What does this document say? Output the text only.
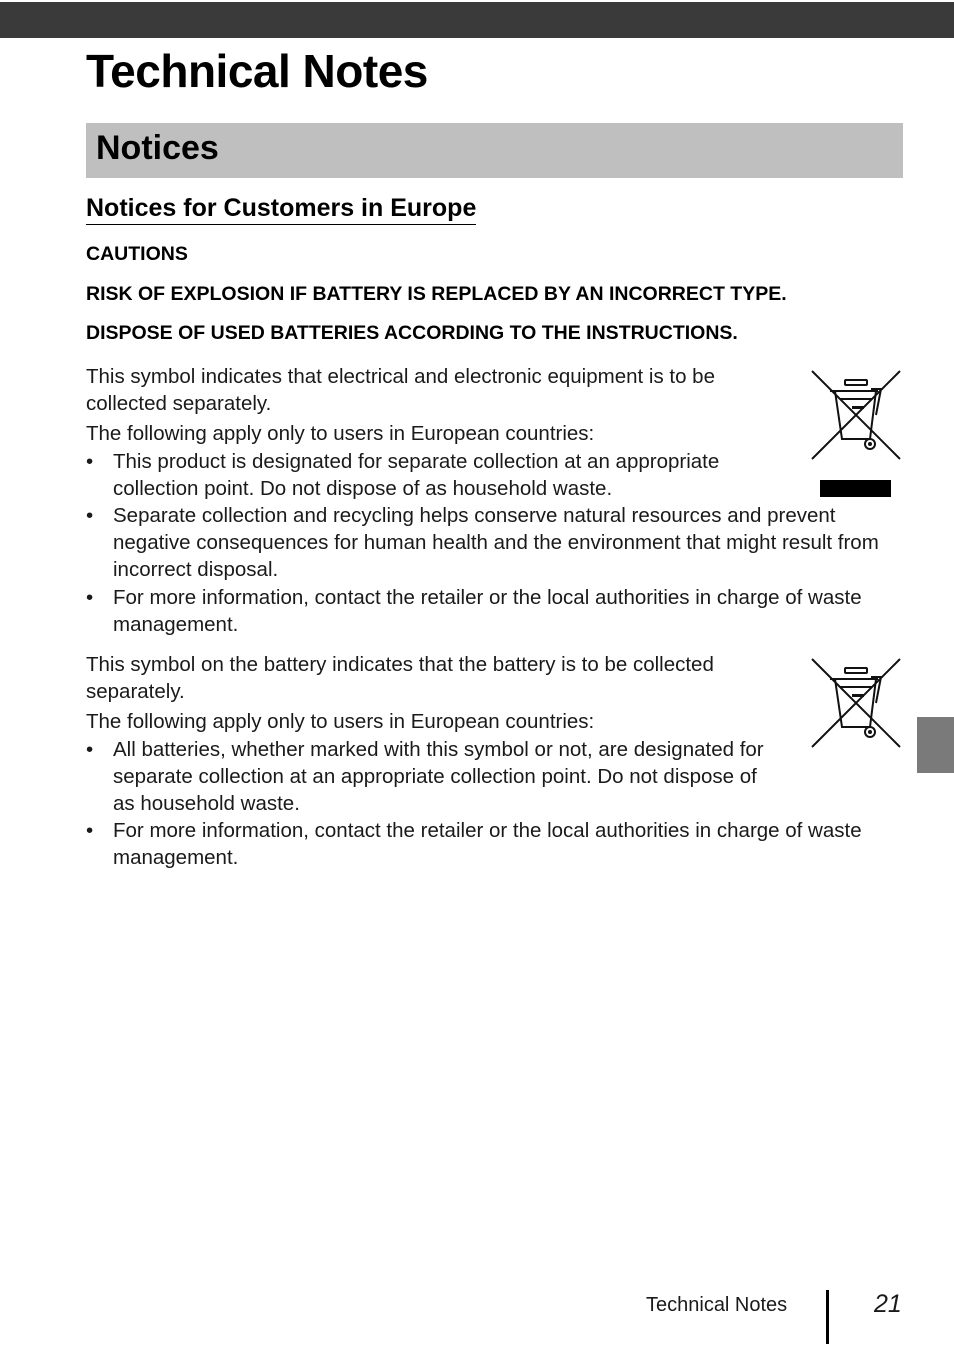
Technical Notes
Notices
Notices for Customers in Europe

CAUTIONS

RISK OF EXPLOSION IF BATTERY IS REPLACED BY AN INCORRECT TYPE.

DISPOSE OF USED BATTERIES ACCORDING TO THE INSTRUCTIONS.

This symbol indicates that electrical and electronic equipment is to be collected separately.

The following apply only to users in European countries:

• This product is designated for separate collection at an appropriate collection point. Do not dispose of as household waste.
• Separate collection and recycling helps conserve natural resources and prevent negative consequences for human health and the environment that might result from incorrect disposal.
• For more information, contact the retailer or the local authorities in charge of waste management.

This symbol on the battery indicates that the battery is to be collected separately.

The following apply only to users in European countries:

• All batteries, whether marked with this symbol or not, are designated for separate collection at an appropriate collection point. Do not dispose of as household waste.
• For more information, contact the retailer or the local authorities in charge of waste management.
Technical Notes	21
